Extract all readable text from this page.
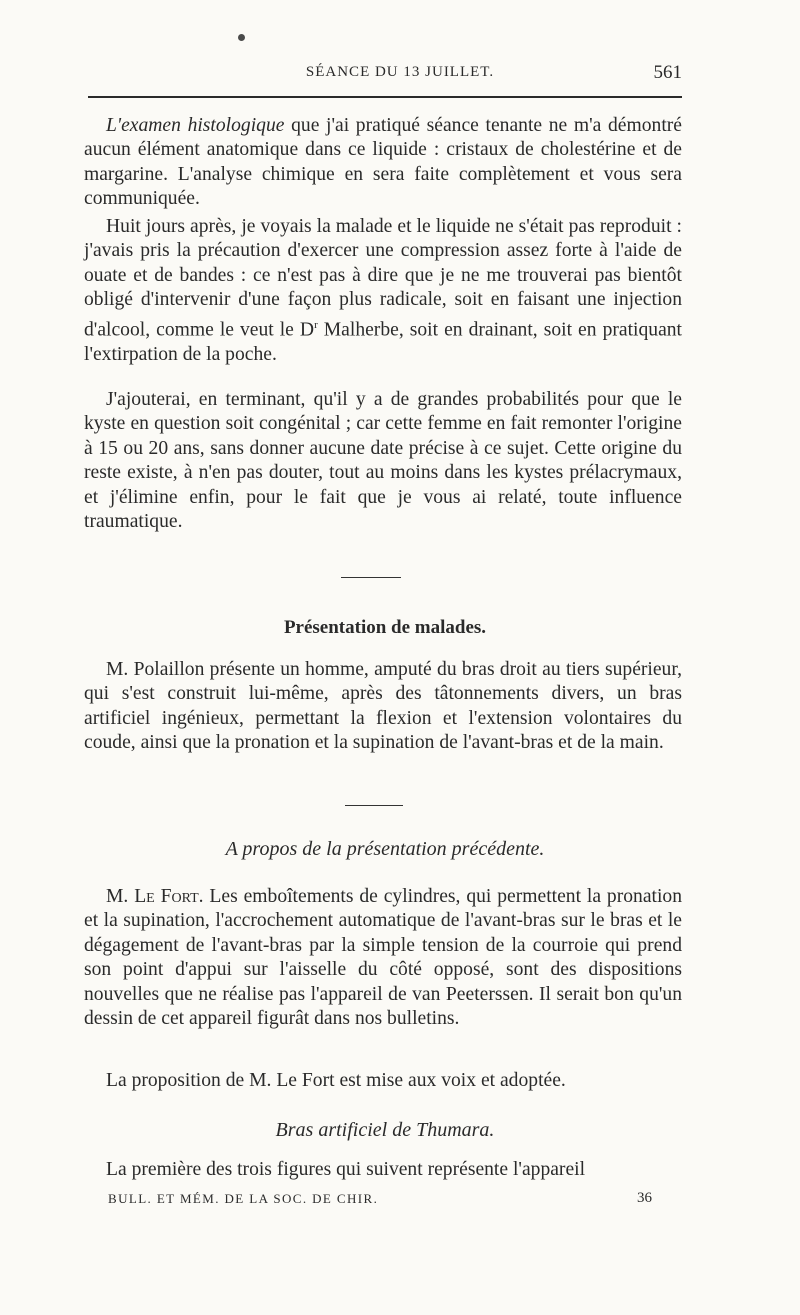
SÉANCE DU 13 JUILLET.	561

L'examen histologique que j'ai pratiqué séance tenante ne m'a démontré aucun élément anatomique dans ce liquide : cristaux de cholestérine et de margarine. L'analyse chimique en sera faite complètement et vous sera communiquée.

Huit jours après, je voyais la malade et le liquide ne s'était pas reproduit : j'avais pris la précaution d'exercer une compression assez forte à l'aide de ouate et de bandes : ce n'est pas à dire que je ne me trouverai pas bientôt obligé d'intervenir d'une façon plus radicale, soit en faisant une injection d'alcool, comme le veut le $D^r$ Malherbe, soit en drainant, soit en pratiquant l'extirpation de la poche.

J'ajouterai, en terminant, qu'il y a de grandes probabilités pour que le kyste en question soit congénital ; car cette femme en fait remonter l'origine à 15 ou 20 ans, sans donner aucune date précise à ce sujet. Cette origine du reste existe, à n'en pas douter, tout au moins dans les kystes prélacrymaux, et j'élimine enfin, pour le fait que je vous ai relaté, toute influence traumatique.

Présentation de malades.

M. Polaillon présente un homme, amputé du bras droit au tiers supérieur, qui s'est construit lui-même, après des tâtonnements divers, un bras artificiel ingénieux, permettant la flexion et l'extension volontaires du coude, ainsi que la pronation et la supination de l'avant-bras et de la main.

A propos de la présentation précédente.

M. Le Fort. Les emboîtements de cylindres, qui permettent la pronation et la supination, l'accrochement automatique de l'avant-bras sur le bras et le dégagement de l'avant-bras par la simple tension de la courroie qui prend son point d'appui sur l'aisselle du côté opposé, sont des dispositions nouvelles que ne réalise pas l'appareil de van Peeterssen. Il serait bon qu'un dessin de cet appareil figurât dans nos bulletins.

La proposition de M. Le Fort est mise aux voix et adoptée.

Bras artificiel de Thumara.

La première des trois figures qui suivent représente l'appareil

BULL. ET MÉM. DE LA SOC. DE CHIR.	36
